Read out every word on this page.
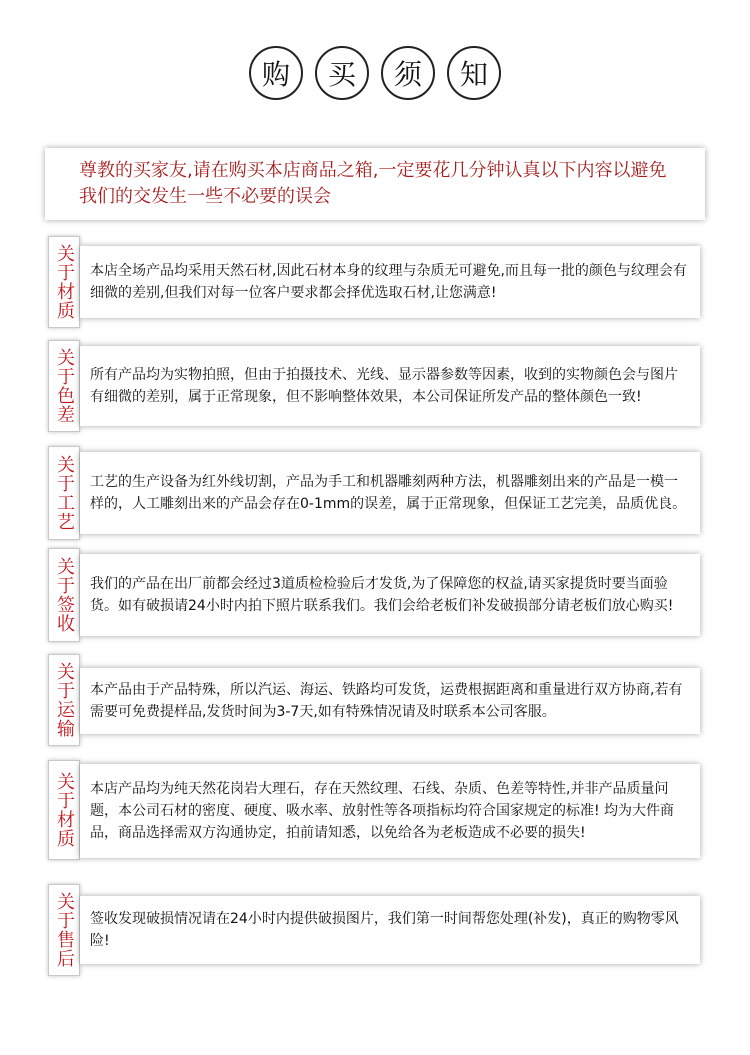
购	买	须	知
尊教的买家友,请在购买本店商品之箱,一定要花几分钟认真以下内容以避免我们的交发生一些不必要的误会
关于材质	本店全场产品均采用天然石材,因此石材本身的纹理与杂质无可避免,而且每一批的颜色与纹理会有细微的差别,但我们对每一位客户要求都会择优选取石材,让您满意!
关于色差	所有产品均为实物拍照，但由于拍摄技术、光线、显示器参数等因素，收到的实物颜色会与图片有细微的差别，属于正常现象，但不影响整体效果，本公司保证所发产品的整体颜色一致!
关于工艺	工艺的生产设备为红外线切割，产品为手工和机器雕刻两种方法，机器雕刻出来的产品是一模一样的，人工雕刻出来的产品会存在0-1mm的误差，属于正常现象，但保证工艺完美，品质优良。
关于签收	我们的产品在出厂前都会经过3道质检检验后才发货,为了保障您的权益,请买家提货时要当面验货。如有破损请24小时内拍下照片联系我们。我们会给老板们补发破损部分请老板们放心购买!
关于运输	本产品由于产品特殊，所以汽运、海运、铁路均可发货，运费根据距离和重量进行双方协商,若有需要可免费提样品,发货时间为3-7天,如有特殊情况请及时联系本公司客服。
关于材质	本店产品均为纯天然花岗岩大理石，存在天然纹理、石线、杂质、色差等特性,并非产品质量问题，本公司石材的密度、硬度、吸水率、放射性等各项指标均符合国家规定的标准! 均为大件商品，商品选择需双方沟通协定，拍前请知悉，以免给各为老板造成不必要的损失!
关于售后	签收发现破损情况请在24小时内提供破损图片，我们第一时间帮您处理(补发)，真正的购物零风险!
